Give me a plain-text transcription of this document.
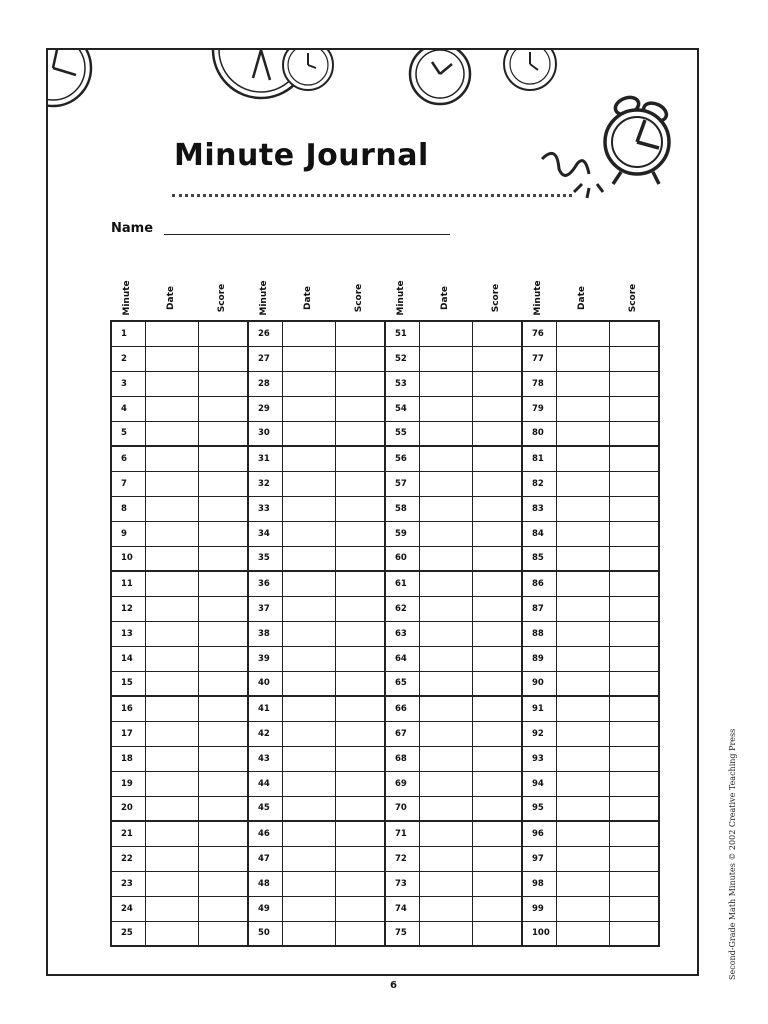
Minute Journal
Name
Minute	Date	Score	Minute	Date	Score	Minute	Date	Score	Minute	Date	Score
1			26			51			76		
2			27			52			77		
3			28			53			78		
4			29			54			79		
5			30			55			80		
6			31			56			81		
7			32			57			82		
8			33			58			83		
9			34			59			84		
10			35			60			85		
11			36			61			86		
12			37			62			87		
13			38			63			88		
14			39			64			89		
15			40			65			90		
16			41			66			91		
17			42			67			92		
18			43			68			93		
19			44			69			94		
20			45			70			95		
21			46			71			96		
22			47			72			97		
23			48			73			98		
24			49			74			99		
25			50			75			100			Second-Grade Math Minutes © 2002 Creative Teaching Press
6
